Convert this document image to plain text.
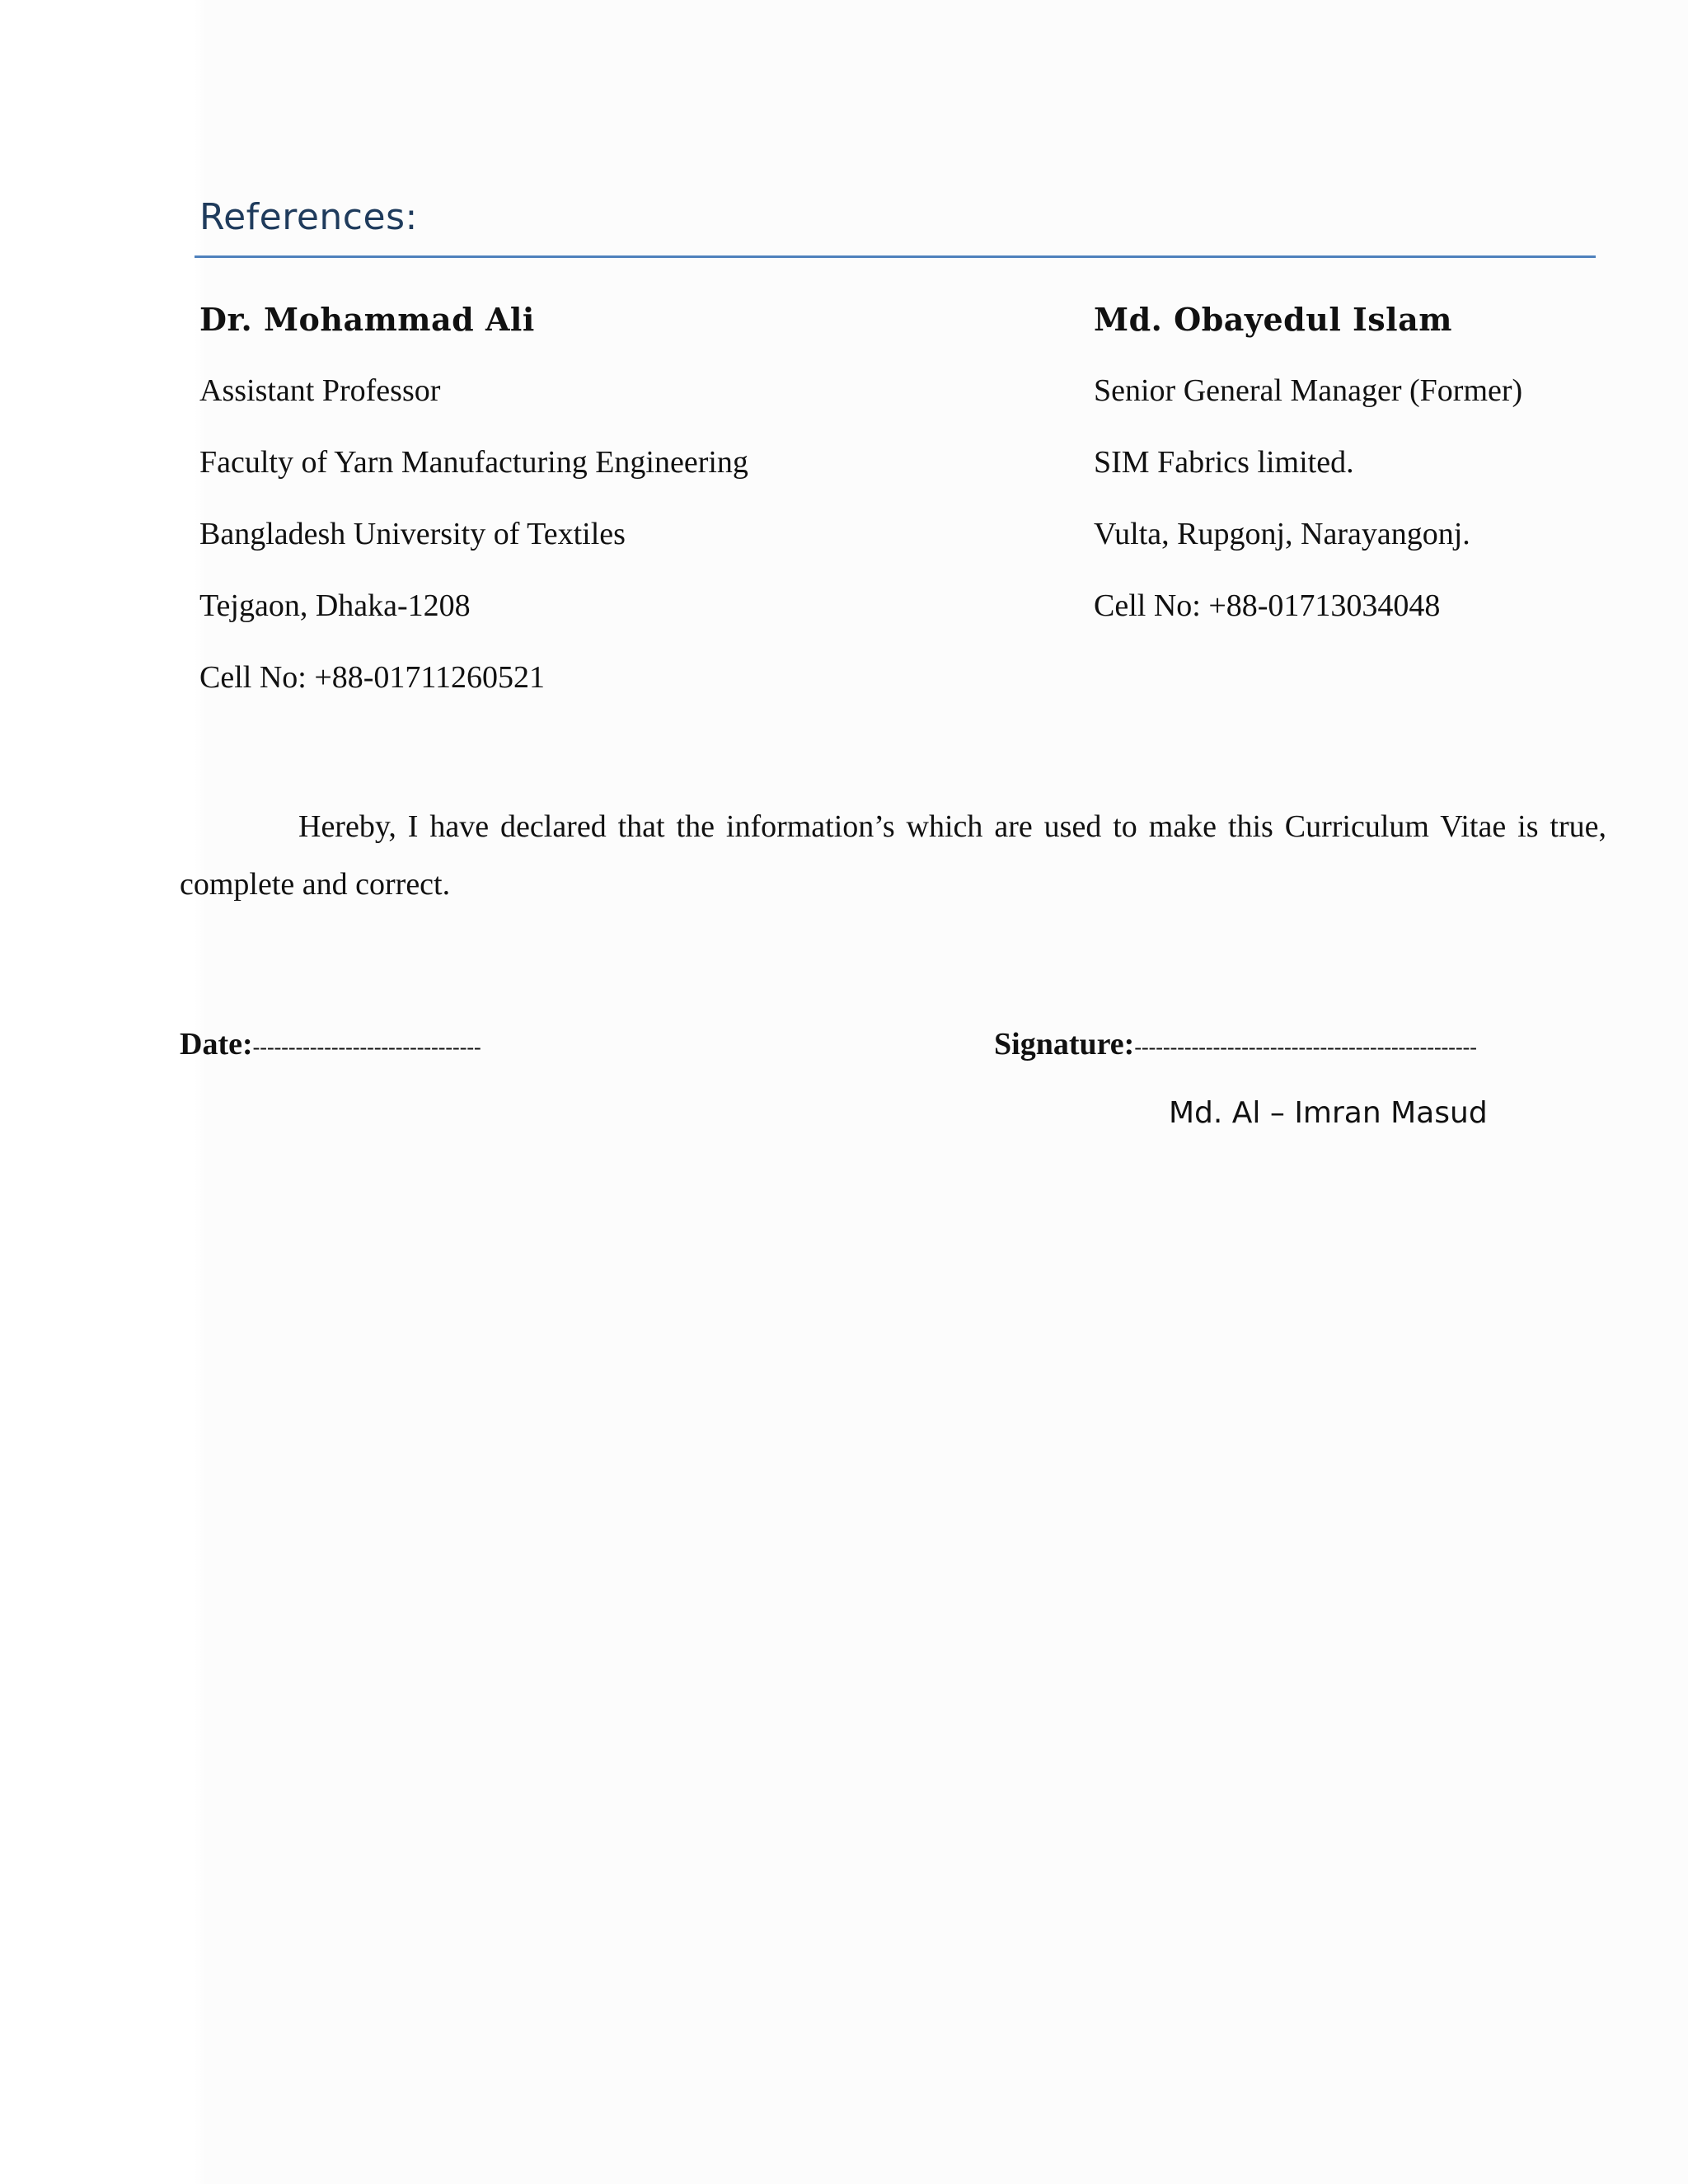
References:
Dr. Mohammad Ali
Assistant Professor
Faculty of Yarn Manufacturing Engineering
Bangladesh University of Textiles
Tejgaon, Dhaka-1208
Cell No: +88-01711260521
Md. Obayedul Islam
Senior General Manager (Former)
SIM Fabrics limited.
Vulta, Rupgonj, Narayangonj.
Cell No: +88-01713034048
Hereby, I have declared that the information’s which are used to make this Curriculum Vitae is true, complete and correct.
Date:--------------------------------	Signature:------------------------------------------------
Md. Al – Imran Masud
